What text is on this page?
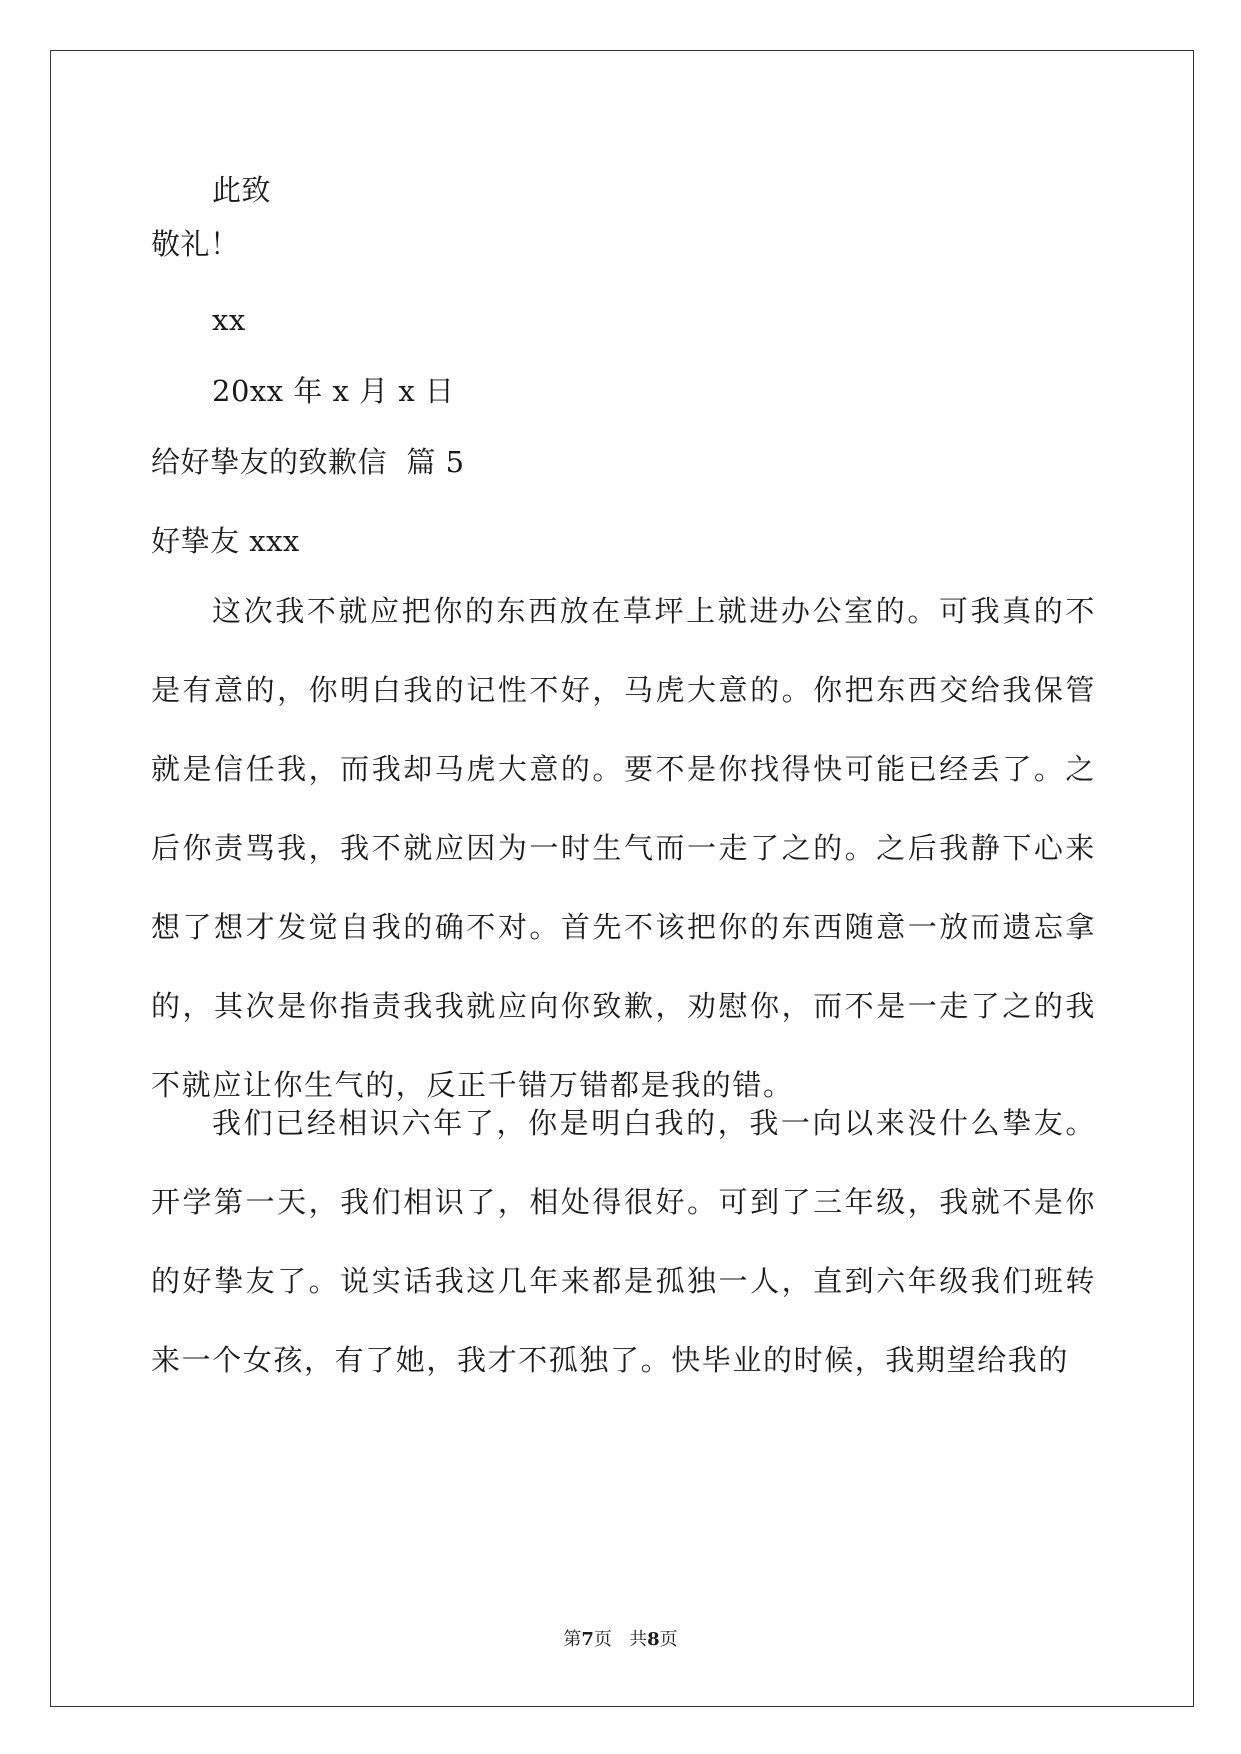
此致
敬礼！
xx
20xx 年 x 月 x 日
给好挚友的致歉信  篇 5
好挚友 xxx
这次我不就应把你的东西放在草坪上就进办公室的。可我真的不是有意的，你明白我的记性不好，马虎大意的。你把东西交给我保管就是信任我，而我却马虎大意的。要不是你找得快可能已经丢了。之后你责骂我，我不就应因为一时生气而一走了之的。之后我静下心来想了想才发觉自我的确不对。首先不该把你的东西随意一放而遗忘拿的，其次是你指责我我就应向你致歉，劝慰你，而不是一走了之的我不就应让你生气的，反正千错万错都是我的错。
我们已经相识六年了，你是明白我的，我一向以来没什么挚友。开学第一天，我们相识了，相处得很好。可到了三年级，我就不是你的好挚友了。说实话我这几年来都是孤独一人，直到六年级我们班转来一个女孩，有了她，我才不孤独了。快毕业的时候，我期望给我的
第7页   共8页
